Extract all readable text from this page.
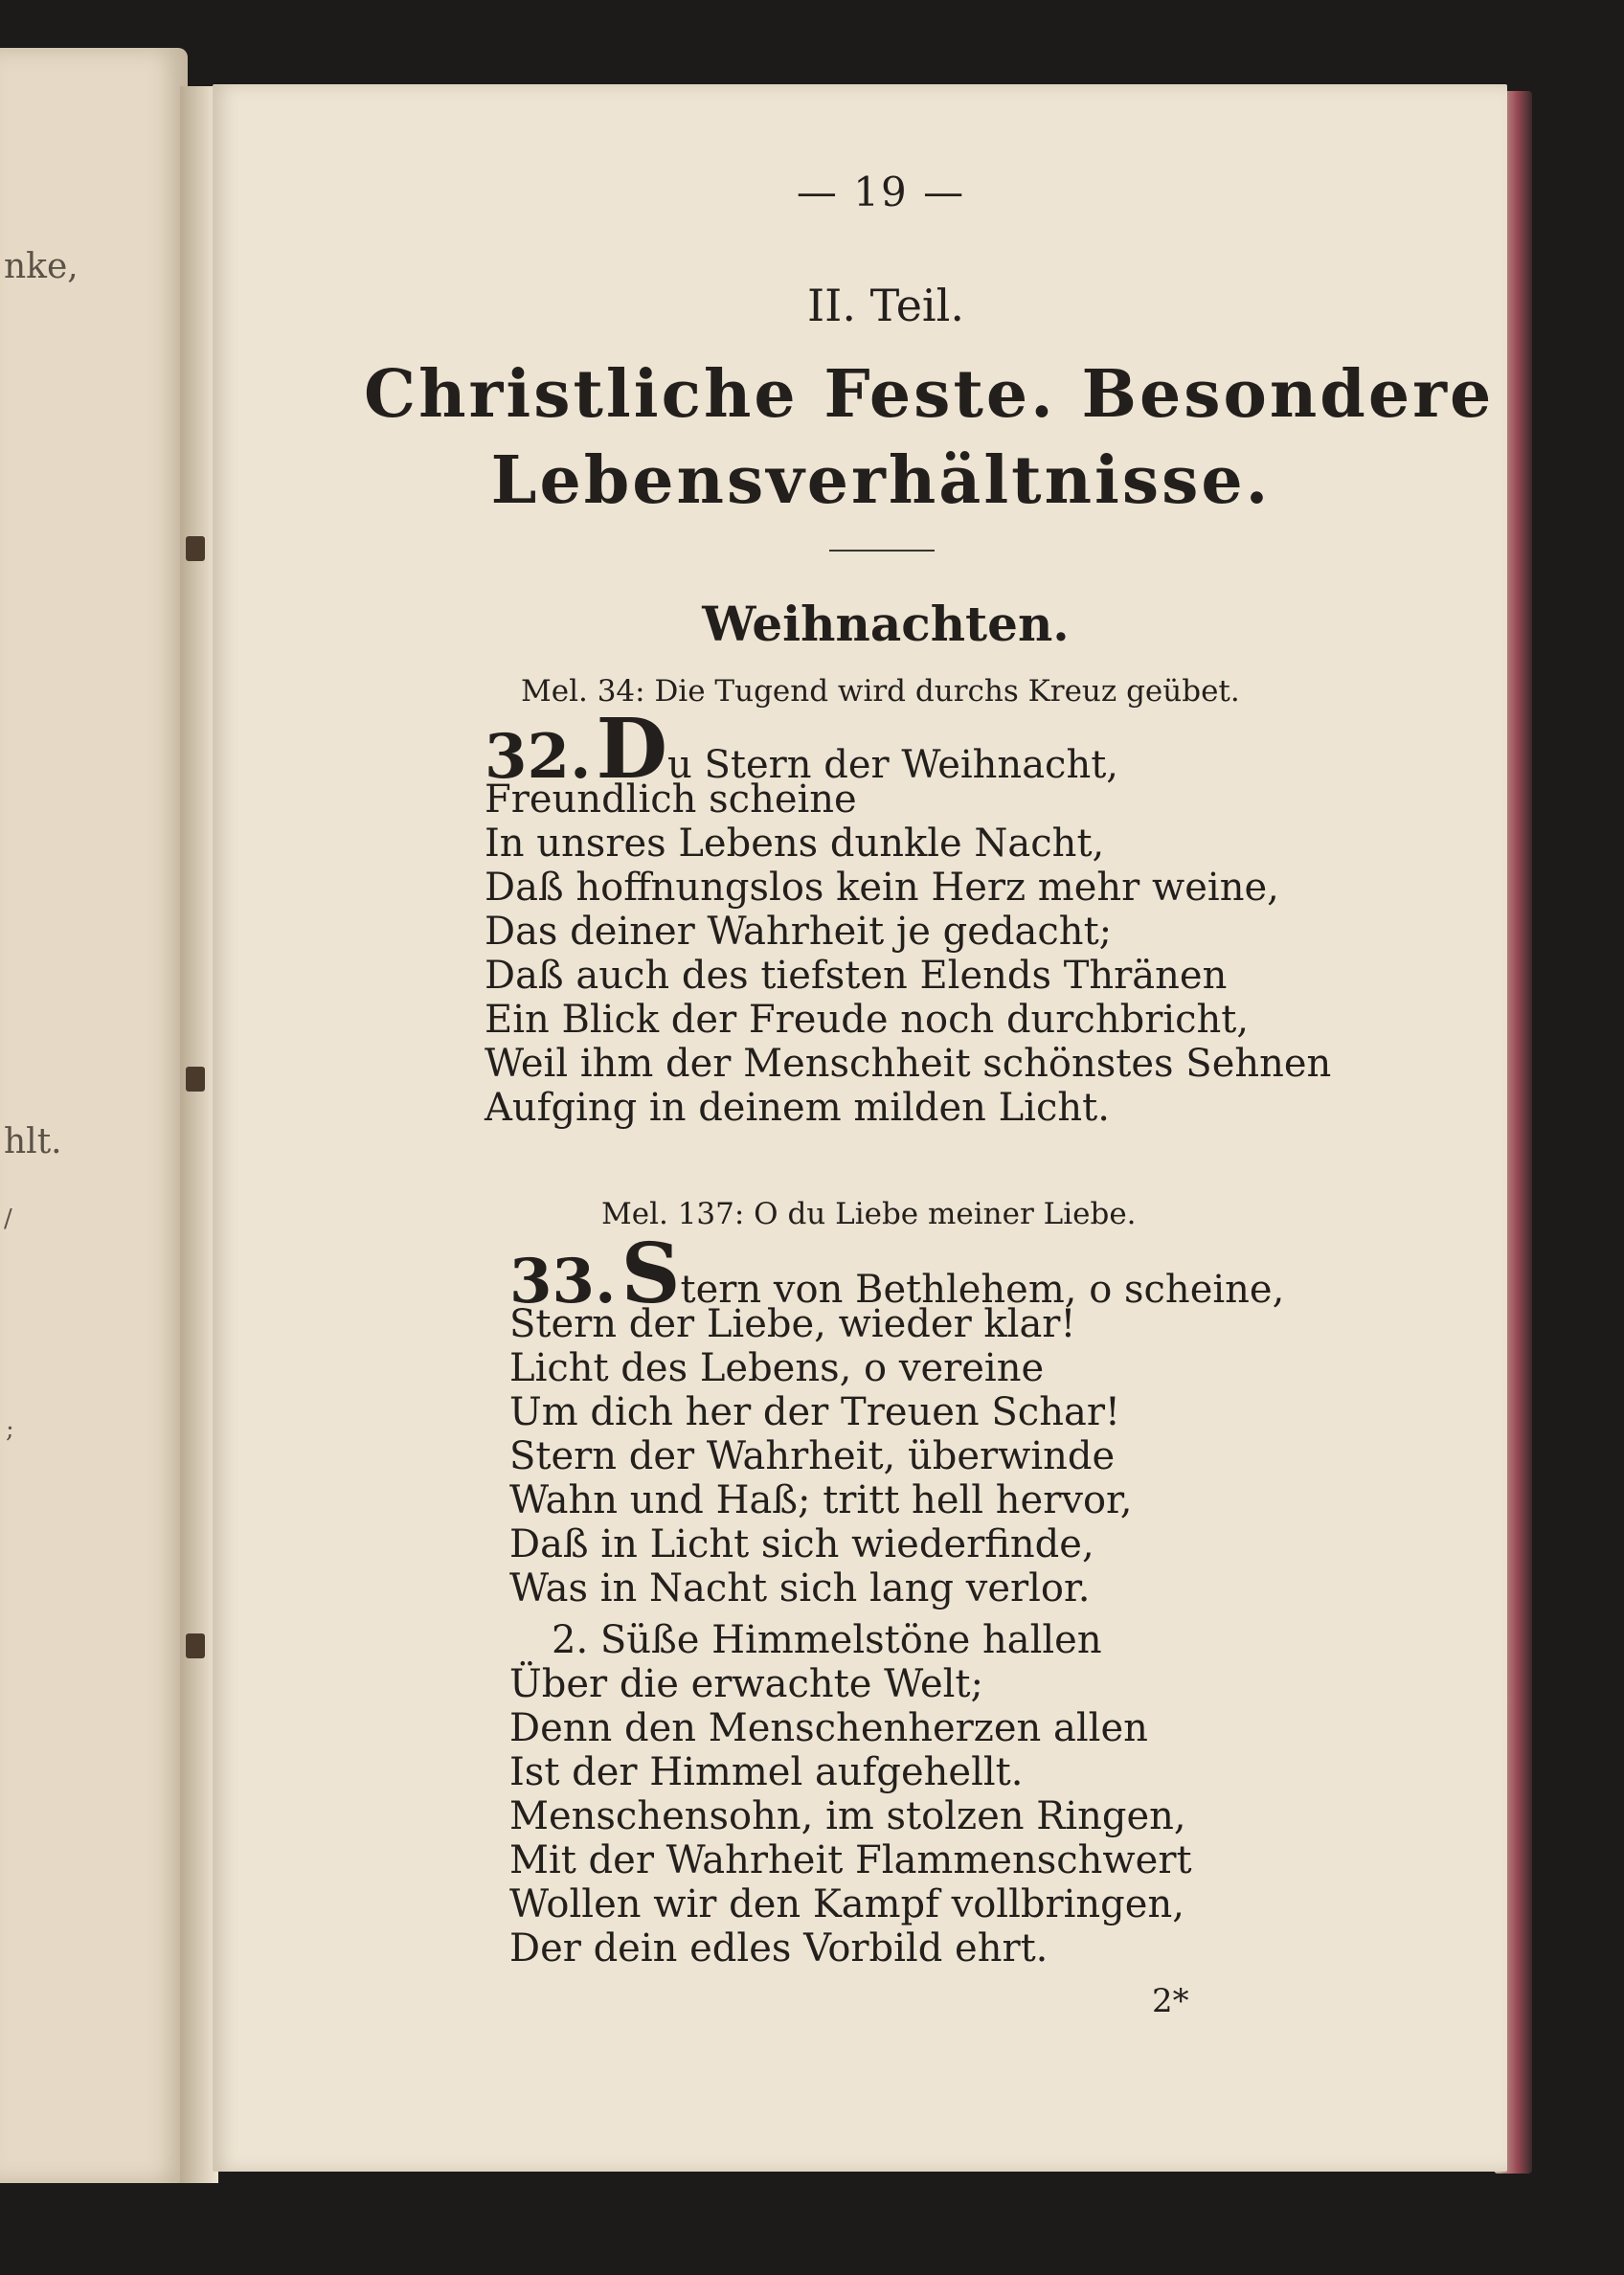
nke,
hlt.
/
;
— 19 —
II. Teil.
Christliche Feste. Besondere
Lebensverhältnisse.
Weihnachten.
Mel. 34: Die Tugend wird durchs Kreuz geübet.
32. Du Stern der Weihnacht,
Freundlich scheine
In unsres Lebens dunkle Nacht,
Daß hoffnungslos kein Herz mehr weine,
Das deiner Wahrheit je gedacht;
Daß auch des tiefsten Elends Thränen
Ein Blick der Freude noch durchbricht,
Weil ihm der Menschheit schönstes Sehnen
Aufging in deinem milden Licht.
Mel. 137: O du Liebe meiner Liebe.
33. Stern von Bethlehem, o scheine,
Stern der Liebe, wieder klar!
Licht des Lebens, o vereine
Um dich her der Treuen Schar!
Stern der Wahrheit, überwinde
Wahn und Haß; tritt hell hervor,
Daß in Licht sich wiederfinde,
Was in Nacht sich lang verlor.
2. Süße Himmelstöne hallen
Über die erwachte Welt;
Denn den Menschenherzen allen
Ist der Himmel aufgehellt.
Menschensohn, im stolzen Ringen,
Mit der Wahrheit Flammenschwert
Wollen wir den Kampf vollbringen,
Der dein edles Vorbild ehrt.
2*
